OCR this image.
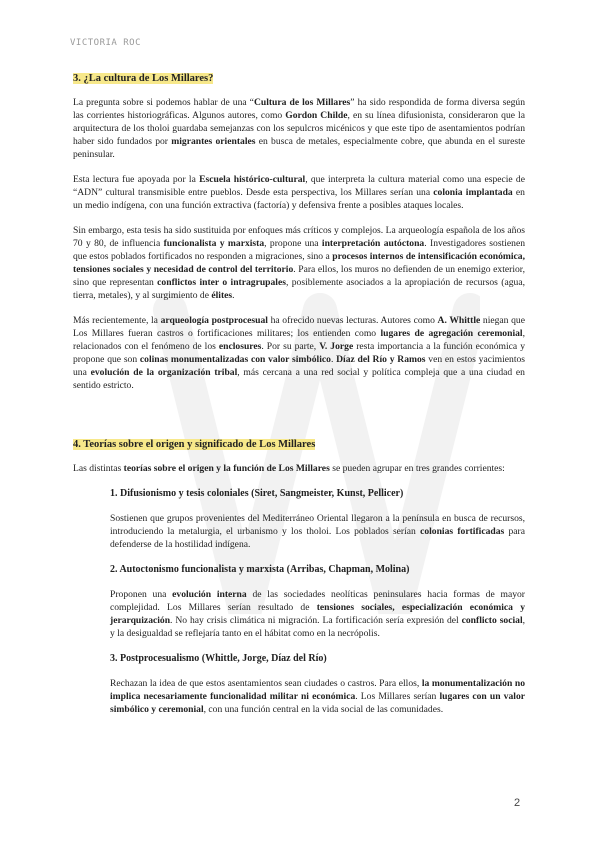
VICTORIA ROC
3. ¿La cultura de Los Millares?

La pregunta sobre si podemos hablar de una “Cultura de los Millares” ha sido respondida de forma diversa según las corrientes historiográficas. Algunos autores, como Gordon Childe, en su línea difusionista, consideraron que la arquitectura de los tholoi guardaba semejanzas con los sepulcros micénicos y que este tipo de asentamientos podrían haber sido fundados por migrantes orientales en busca de metales, especialmente cobre, que abunda en el sureste peninsular.

Esta lectura fue apoyada por la Escuela histórico-cultural, que interpreta la cultura material como una especie de “ADN” cultural transmisible entre pueblos. Desde esta perspectiva, los Millares serían una colonia implantada en un medio indígena, con una función extractiva (factoría) y defensiva frente a posibles ataques locales.

Sin embargo, esta tesis ha sido sustituida por enfoques más críticos y complejos. La arqueología española de los años 70 y 80, de influencia funcionalista y marxista, propone una interpretación autóctona. Investigadores sostienen que estos poblados fortificados no responden a migraciones, sino a procesos internos de intensificación económica, tensiones sociales y necesidad de control del territorio. Para ellos, los muros no defienden de un enemigo exterior, sino que representan conflictos inter o intragrupales, posiblemente asociados a la apropiación de recursos (agua, tierra, metales), y al surgimiento de élites.

Más recientemente, la arqueología postprocesual ha ofrecido nuevas lecturas. Autores como A. Whittle niegan que Los Millares fueran castros o fortificaciones militares; los entienden como lugares de agregación ceremonial, relacionados con el fenómeno de los enclosures. Por su parte, V. Jorge resta importancia a la función económica y propone que son colinas monumentalizadas con valor simbólico. Díaz del Río y Ramos ven en estos yacimientos una evolución de la organización tribal, más cercana a una red social y política compleja que a una ciudad en sentido estricto.

4. Teorías sobre el origen y significado de Los Millares

Las distintas teorías sobre el origen y la función de Los Millares se pueden agrupar en tres grandes corrientes:

1. Difusionismo y tesis coloniales (Siret, Sangmeister, Kunst, Pellicer)

Sostienen que grupos provenientes del Mediterráneo Oriental llegaron a la península en busca de recursos, introduciendo la metalurgia, el urbanismo y los tholoi. Los poblados serían colonias fortificadas para defenderse de la hostilidad indígena.

2. Autoctonismo funcionalista y marxista (Arribas, Chapman, Molina)

Proponen una evolución interna de las sociedades neolíticas peninsulares hacia formas de mayor complejidad. Los Millares serían resultado de tensiones sociales, especialización económica y jerarquización. No hay crisis climática ni migración. La fortificación sería expresión del conflicto social, y la desigualdad se reflejaría tanto en el hábitat como en la necrópolis.

3. Postprocesualismo (Whittle, Jorge, Díaz del Río)

Rechazan la idea de que estos asentamientos sean ciudades o castros. Para ellos, la monumentalización no implica necesariamente funcionalidad militar ni económica. Los Millares serían lugares con un valor simbólico y ceremonial, con una función central en la vida social de las comunidades.

2
